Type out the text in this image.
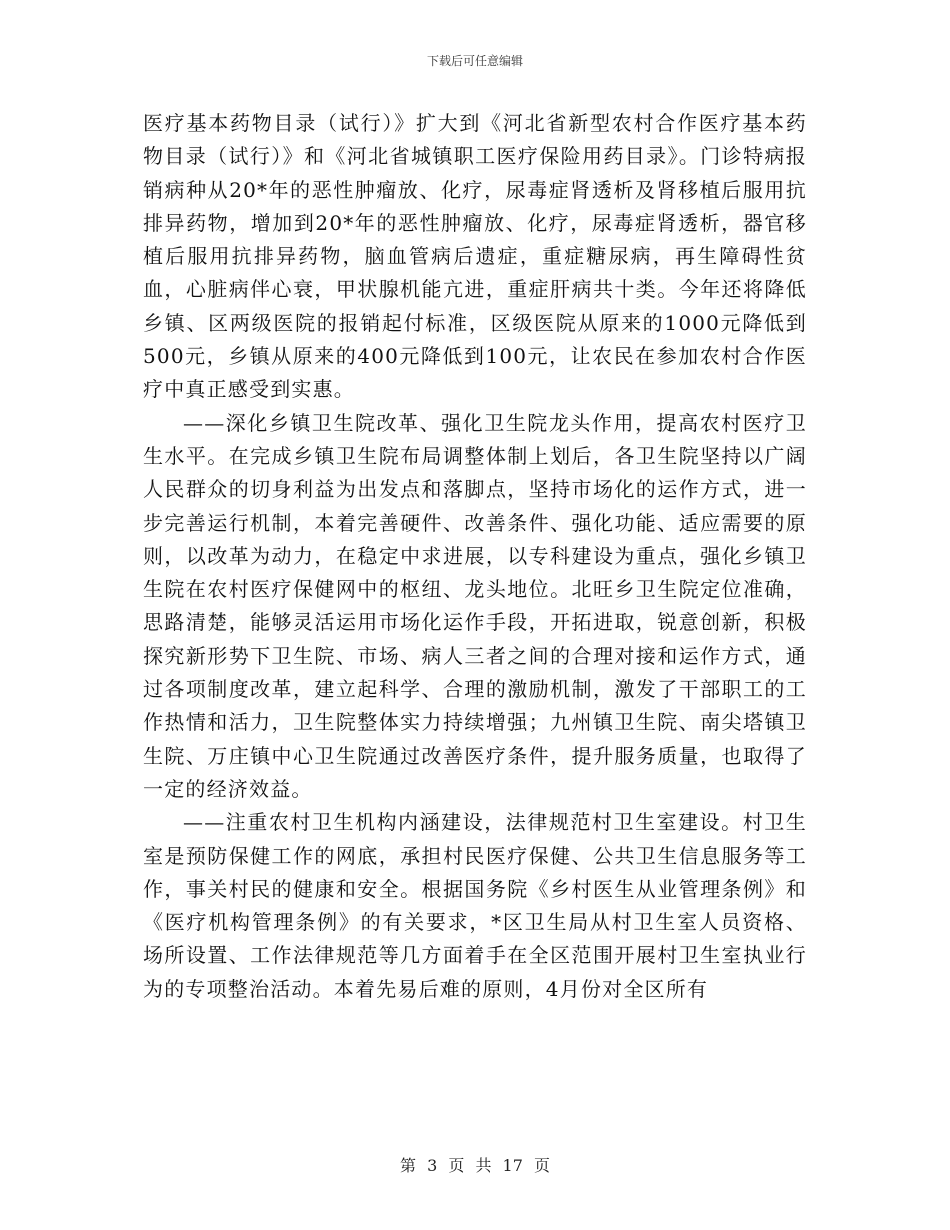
下载后可任意编辑

医疗基本药物目录（试行）》扩大到《河北省新型农村合作医疗基本药物目录（试行）》和《河北省城镇职工医疗保险用药目录》。门诊特病报销病种从20*年的恶性肿瘤放、化疗，尿毒症肾透析及肾移植后服用抗排异药物，增加到20*年的恶性肿瘤放、化疗，尿毒症肾透析，器官移植后服用抗排异药物，脑血管病后遗症，重症糖尿病，再生障碍性贫血，心脏病伴心衰，甲状腺机能亢进，重症肝病共十类。今年还将降低乡镇、区两级医院的报销起付标准，区级医院从原来的1000元降低到500元，乡镇从原来的400元降低到100元，让农民在参加农村合作医疗中真正感受到实惠。

——深化乡镇卫生院改革、强化卫生院龙头作用，提高农村医疗卫生水平。在完成乡镇卫生院布局调整体制上划后，各卫生院坚持以广阔人民群众的切身利益为出发点和落脚点，坚持市场化的运作方式，进一步完善运行机制，本着完善硬件、改善条件、强化功能、适应需要的原则，以改革为动力，在稳定中求进展，以专科建设为重点，强化乡镇卫生院在农村医疗保健网中的枢纽、龙头地位。北旺乡卫生院定位准确，思路清楚，能够灵活运用市场化运作手段，开拓进取，锐意创新，积极探究新形势下卫生院、市场、病人三者之间的合理对接和运作方式，通过各项制度改革，建立起科学、合理的激励机制，激发了干部职工的工作热情和活力，卫生院整体实力持续增强；九州镇卫生院、南尖塔镇卫生院、万庄镇中心卫生院通过改善医疗条件，提升服务质量，也取得了一定的经济效益。

——注重农村卫生机构内涵建设，法律规范村卫生室建设。村卫生室是预防保健工作的网底，承担村民医疗保健、公共卫生信息服务等工作，事关村民的健康和安全。根据国务院《乡村医生从业管理条例》和《医疗机构管理条例》的有关要求，*区卫生局从村卫生室人员资格、场所设置、工作法律规范等几方面着手在全区范围开展村卫生室执业行为的专项整治活动。本着先易后难的原则，4月份对全区所有

第 3 页 共 17 页
